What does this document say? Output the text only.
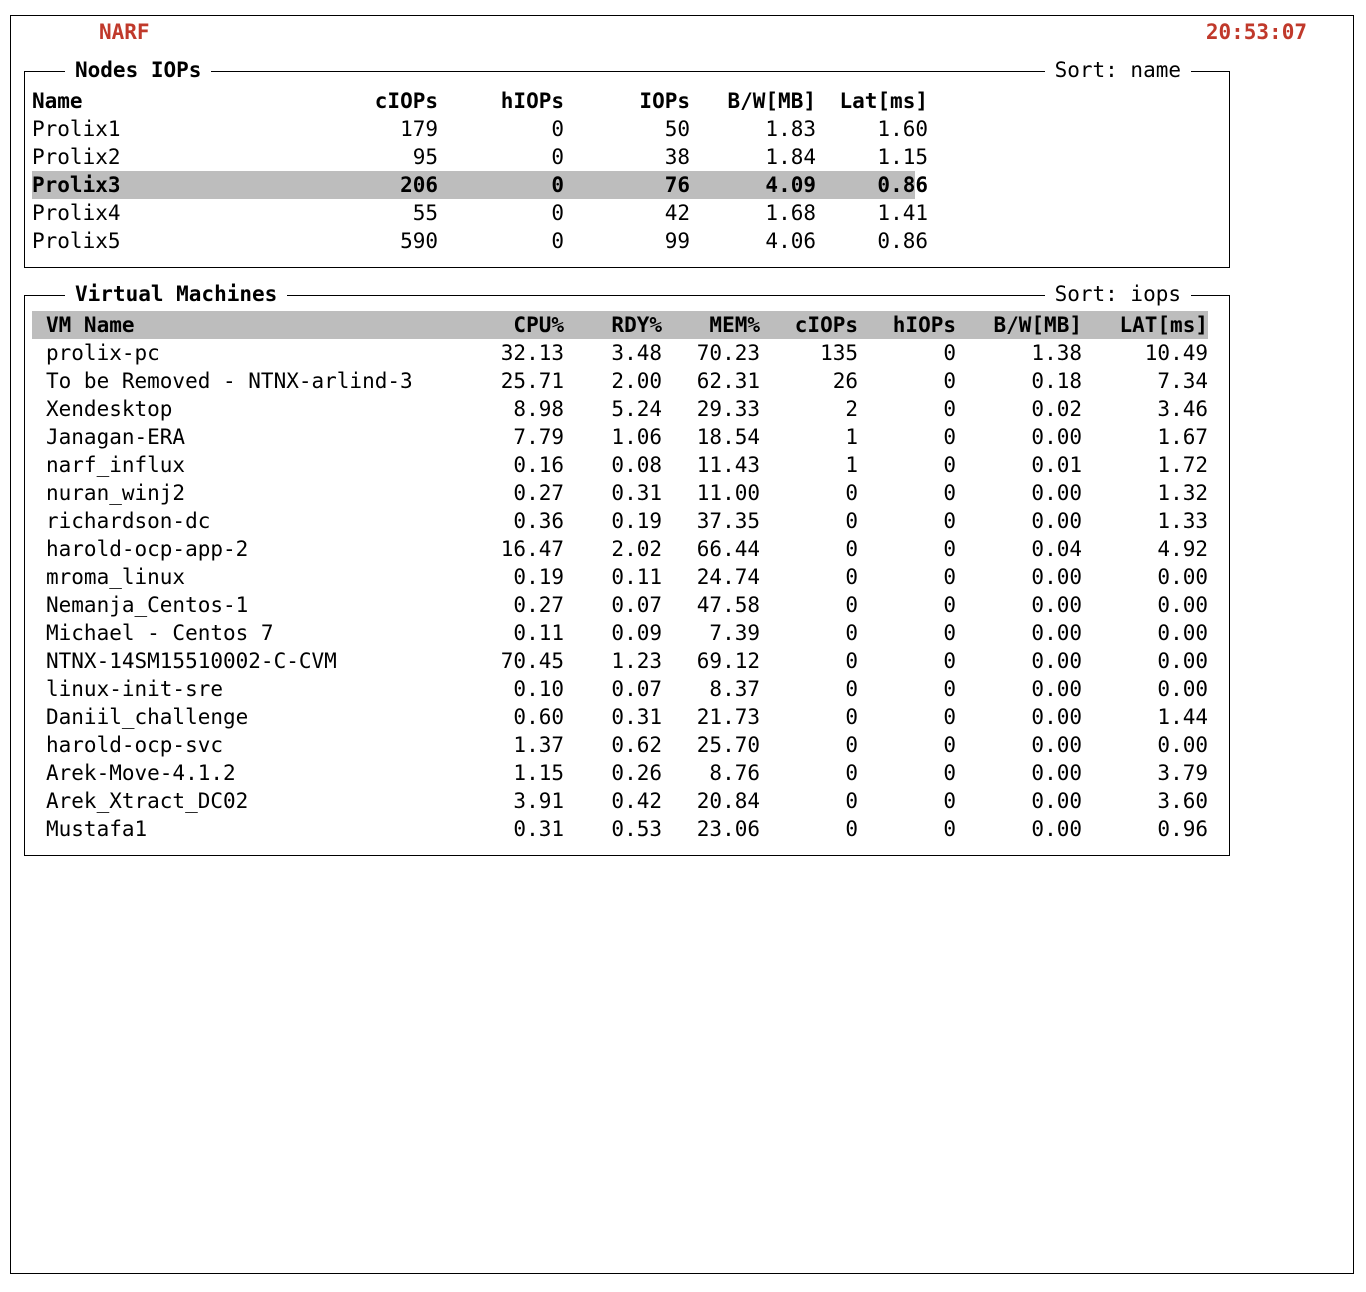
NARF	20:53:07
Nodes IOPs	Sort: name
Name	cIOPs	hIOPs	IOPs	B/W[MB]	Lat[ms]
Prolix1	179	0	50	1.83	1.60
Prolix2	95	0	38	1.84	1.15
Prolix3	206	0	76	4.09	0.86
Prolix4	55	0	42	1.68	1.41
Prolix5	590	0	99	4.06	0.86
Virtual Machines	Sort: iops
VM Name	CPU%	RDY%	MEM%	cIOPs	hIOPs	B/W[MB]	LAT[ms]
prolix-pc	32.13	3.48	70.23	135	0	1.38	10.49
To be Removed - NTNX-arlind-3	25.71	2.00	62.31	26	0	0.18	7.34
Xendesktop	8.98	5.24	29.33	2	0	0.02	3.46
Janagan-ERA	7.79	1.06	18.54	1	0	0.00	1.67
narf_influx	0.16	0.08	11.43	1	0	0.01	1.72
nuran_winj2	0.27	0.31	11.00	0	0	0.00	1.32
richardson-dc	0.36	0.19	37.35	0	0	0.00	1.33
harold-ocp-app-2	16.47	2.02	66.44	0	0	0.04	4.92
mroma_linux	0.19	0.11	24.74	0	0	0.00	0.00
Nemanja_Centos-1	0.27	0.07	47.58	0	0	0.00	0.00
Michael - Centos 7	0.11	0.09	7.39	0	0	0.00	0.00
NTNX-14SM15510002-C-CVM	70.45	1.23	69.12	0	0	0.00	0.00
linux-init-sre	0.10	0.07	8.37	0	0	0.00	0.00
Daniil_challenge	0.60	0.31	21.73	0	0	0.00	1.44
harold-ocp-svc	1.37	0.62	25.70	0	0	0.00	0.00
Arek-Move-4.1.2	1.15	0.26	8.76	0	0	0.00	3.79
Arek_Xtract_DC02	3.91	0.42	20.84	0	0	0.00	3.60
Mustafa1	0.31	0.53	23.06	0	0	0.00	0.96
